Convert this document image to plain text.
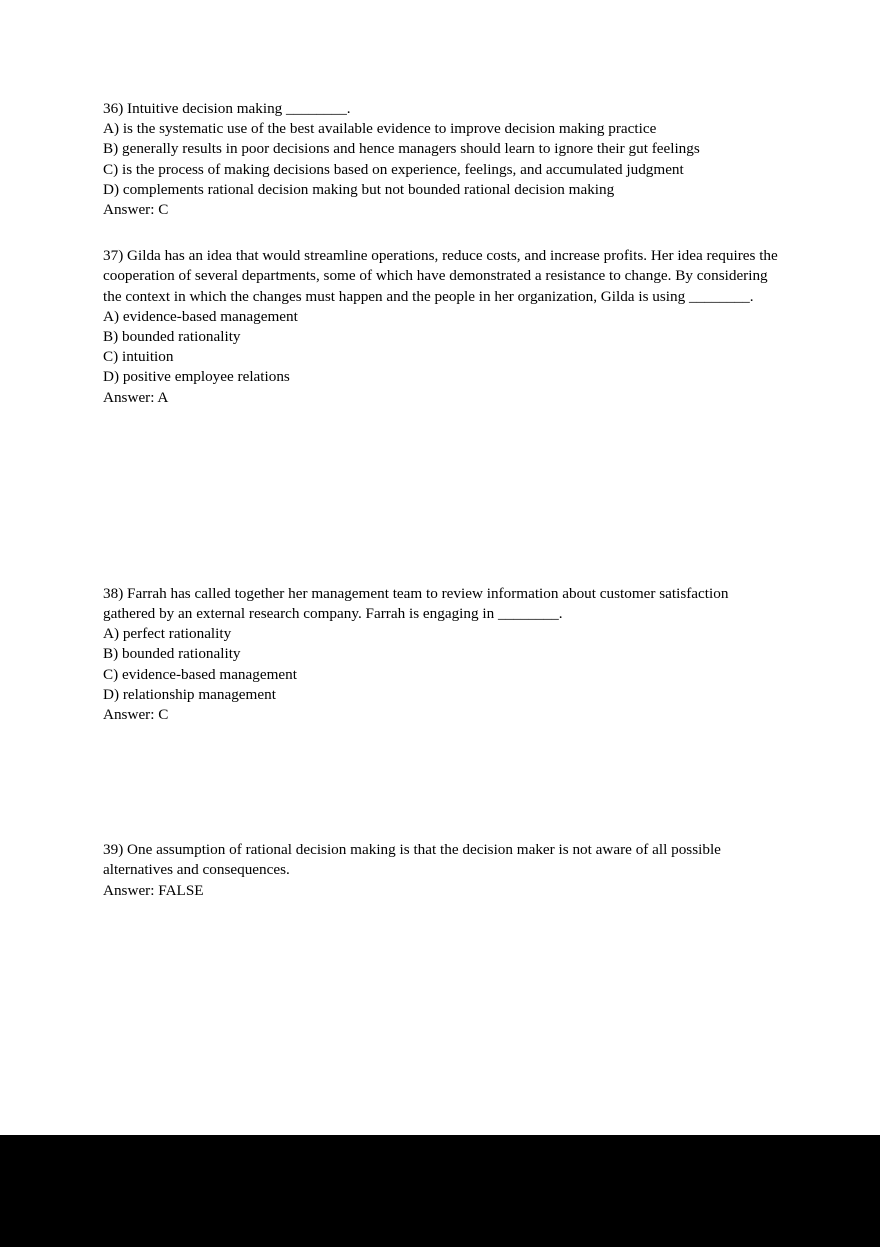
36) Intuitive decision making ________.
A) is the systematic use of the best available evidence to improve decision making practice
B) generally results in poor decisions and hence managers should learn to ignore their gut feelings
C) is the process of making decisions based on experience, feelings, and accumulated judgment
D) complements rational decision making but not bounded rational decision making
Answer: C
37) Gilda has an idea that would streamline operations, reduce costs, and increase profits. Her idea requires the cooperation of several departments, some of which have demonstrated a resistance to change. By considering the context in which the changes must happen and the people in her organization, Gilda is using ________.
A) evidence-based management
B) bounded rationality
C) intuition
D) positive employee relations
Answer: A
38) Farrah has called together her management team to review information about customer satisfaction gathered by an external research company. Farrah is engaging in ________.
A) perfect rationality
B) bounded rationality
C) evidence-based management
D) relationship management
Answer: C
39) One assumption of rational decision making is that the decision maker is not aware of all possible alternatives and consequences.
Answer: FALSE
